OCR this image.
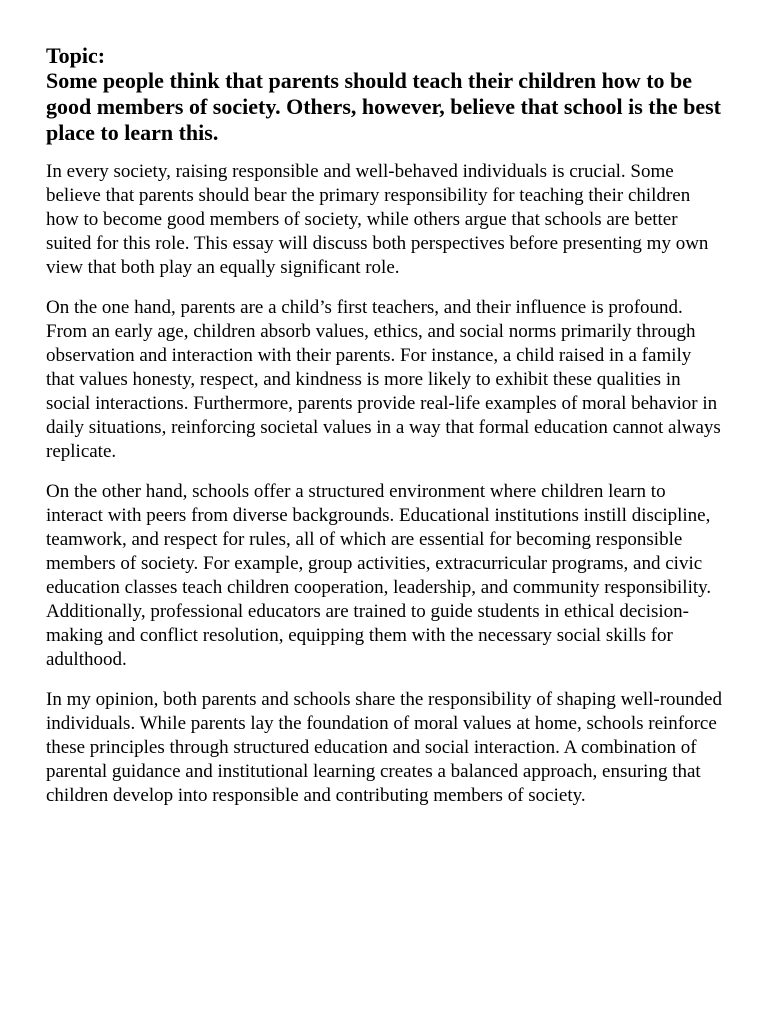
Topic:
Some people think that parents should teach their children how to be good members of society. Others, however, believe that school is the best place to learn this.

In every society, raising responsible and well-behaved individuals is crucial. Some believe that parents should bear the primary responsibility for teaching their children how to become good members of society, while others argue that schools are better suited for this role. This essay will discuss both perspectives before presenting my own view that both play an equally significant role.

On the one hand, parents are a child’s first teachers, and their influence is profound. From an early age, children absorb values, ethics, and social norms primarily through observation and interaction with their parents. For instance, a child raised in a family that values honesty, respect, and kindness is more likely to exhibit these qualities in social interactions. Furthermore, parents provide real-life examples of moral behavior in daily situations, reinforcing societal values in a way that formal education cannot always replicate.

On the other hand, schools offer a structured environment where children learn to interact with peers from diverse backgrounds. Educational institutions instill discipline, teamwork, and respect for rules, all of which are essential for becoming responsible members of society. For example, group activities, extracurricular programs, and civic education classes teach children cooperation, leadership, and community responsibility. Additionally, professional educators are trained to guide students in ethical decision-making and conflict resolution, equipping them with the necessary social skills for adulthood.

In my opinion, both parents and schools share the responsibility of shaping well-rounded individuals. While parents lay the foundation of moral values at home, schools reinforce these principles through structured education and social interaction. A combination of parental guidance and institutional learning creates a balanced approach, ensuring that children develop into responsible and contributing members of society.
